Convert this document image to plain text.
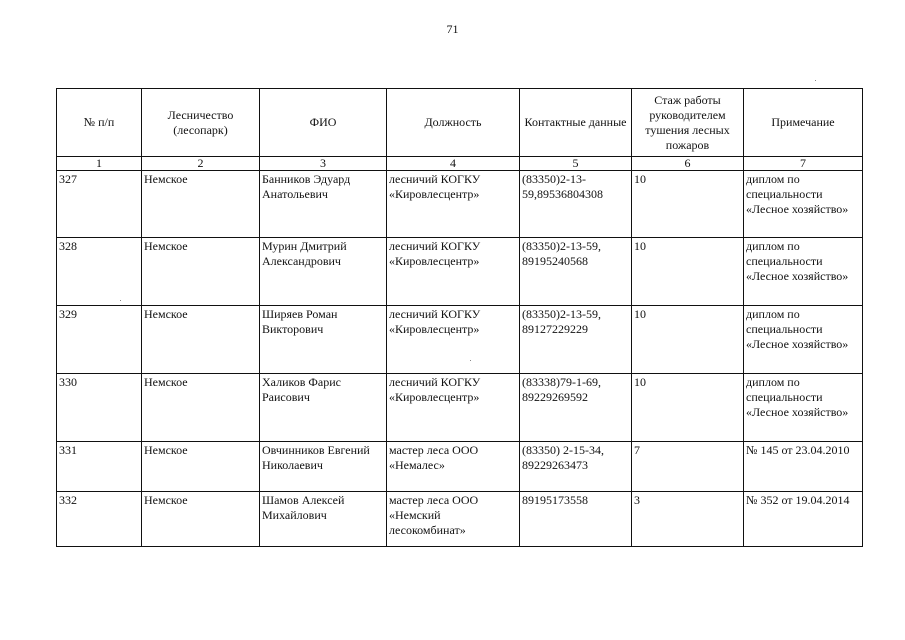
71
№ п/п	Лесничество (лесопарк)	ФИО	Должность	Контактные данные	Стаж работы руководителем тушения лесных пожаров	Примечание
1	2	3	4	5	6	7
327	Немское	Банников Эдуард Анатольевич	лесничий КОГКУ «Кировлесцентр»	(83350)2-13-59,89536804308	10	диплом по специальности «Лесное хозяйство»
328	Немское	Мурин Дмитрий Александрович	лесничий КОГКУ «Кировлесцентр»	(83350)2-13-59, 89195240568	10	диплом по специальности «Лесное хозяйство»
329	Немское	Ширяев Роман Викторович	лесничий КОГКУ «Кировлесцентр»	(83350)2-13-59, 89127229229	10	диплом по специальности «Лесное хозяйство»
330	Немское	Халиков Фарис Раисович	лесничий КОГКУ «Кировлесцентр»	(83338)79-1-69, 89229269592	10	диплом по специальности «Лесное хозяйство»
331	Немское	Овчинников Евгений Николаевич	мастер леса ООО «Немалес»	(83350) 2-15-34, 89229263473	7	№ 145 от 23.04.2010
332	Немское	Шамов Алексей Михайлович	мастер леса ООО «Немский лесокомбинат»	89195173558	3	№ 352 от 19.04.2014
